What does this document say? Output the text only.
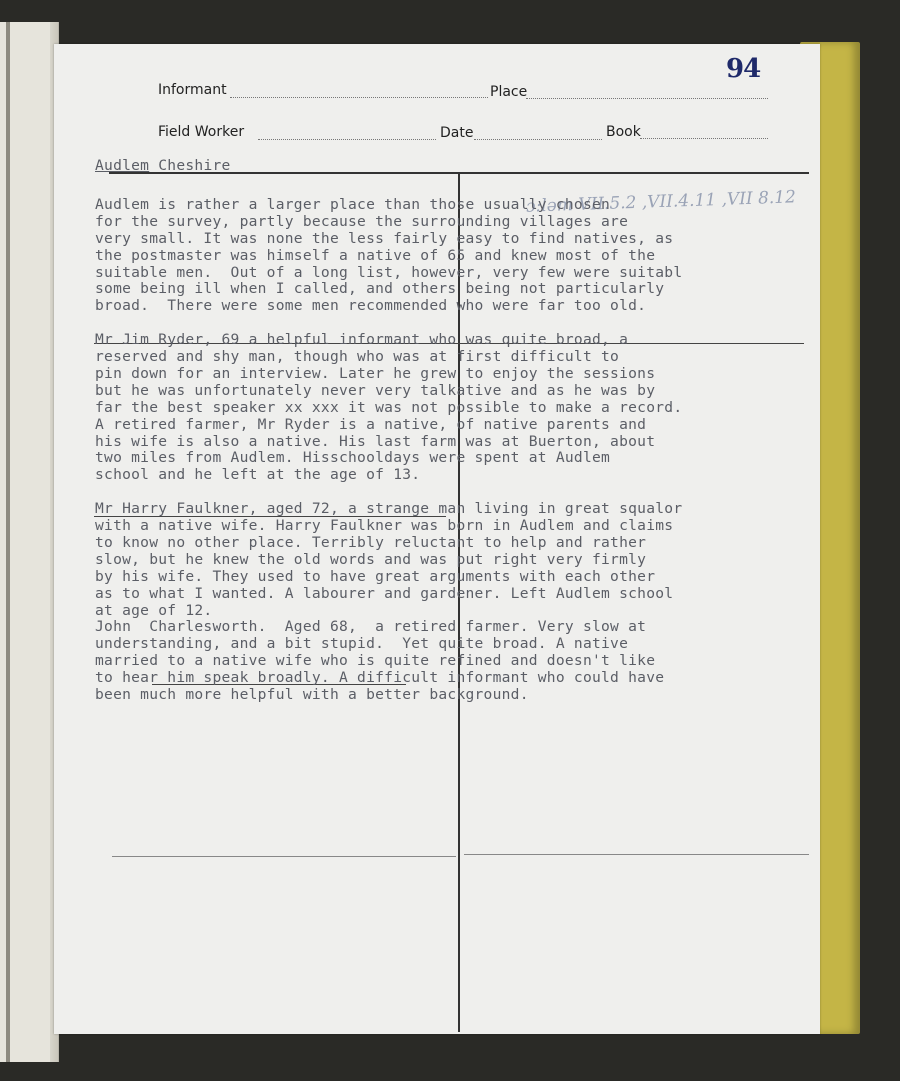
94
Informant	Place
Field Worker	Date	Book
ɔ:ləm VII.5.2 ,VII.4.11 ,VII 8.12
Audlem Cheshire
Audlem is rather a larger place than those usually chosen
for the survey, partly because the surrounding villages are
very small. It was none the less fairly easy to find natives, as
the postmaster was himself a native of 65 and knew most of the
suitable men.  Out of a long list, however, very few were suitabl
some being ill when I called, and others being not particularly
broad.  There were some men recommended who were far too old.
Mr Jim Ryder, 69 a helpful informant who was quite broad, a
reserved and shy man, though who was at first difficult to
pin down for an interview. Later he grew to enjoy the sessions
but he was unfortunately never very talkative and as he was by
far the best speaker xx xxx it was not possible to make a record.
A retired farmer, Mr Ryder is a native, of native parents and
his wife is also a native. His last farm was at Buerton, about
two miles from Audlem. Hisschooldays were spent at Audlem
school and he left at the age of 13.
Mr Harry Faulkner, aged 72, a strange man living in great squalor
with a native wife. Harry Faulkner was born in Audlem and claims
to know no other place. Terribly reluctant to help and rather
slow, but he knew the old words and was put right very firmly
by his wife. They used to have great arguments with each other
as to what I wanted. A labourer and gardener. Left Audlem school
at age of 12.
John  Charlesworth.  Aged 68,  a retired farmer. Very slow at
understanding, and a bit stupid.  Yet quite broad. A native
married to a native wife who is quite refined and doesn't like
to hear him speak broadly. A difficult informant who could have
been much more helpful with a better background.
